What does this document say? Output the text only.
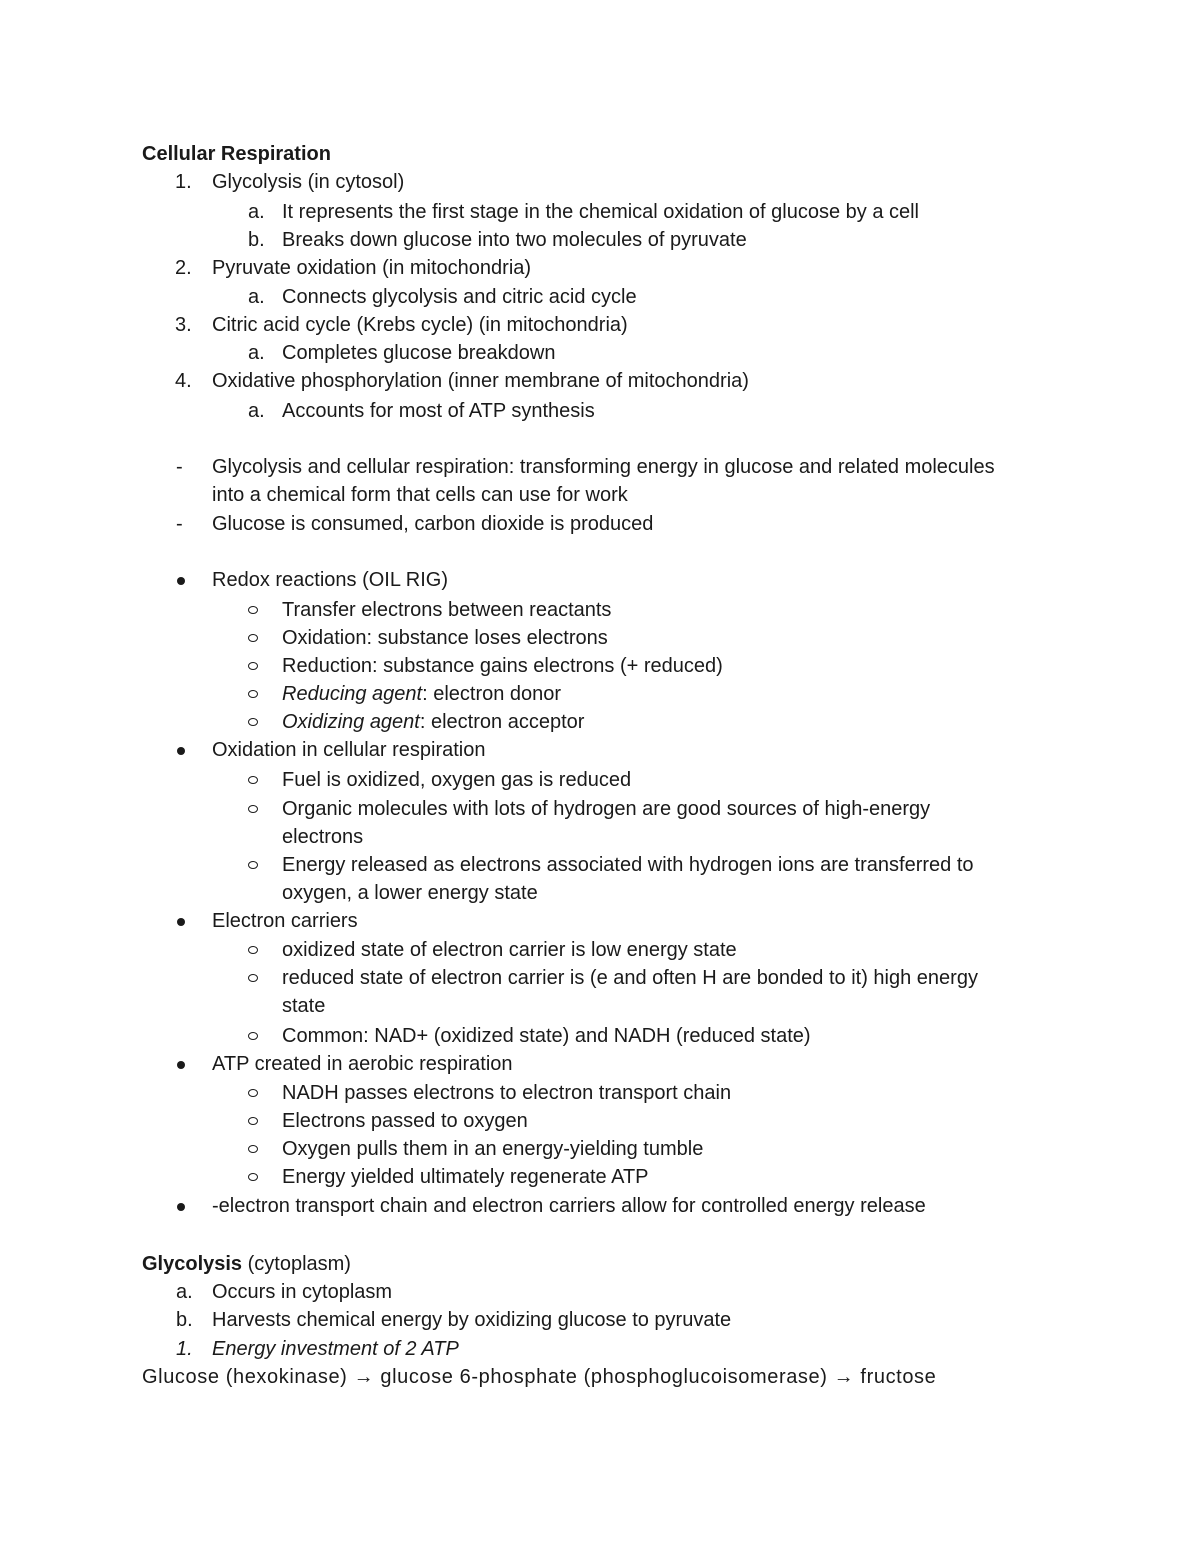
Cellular Respiration
1. Glycolysis (in cytosol)
a. It represents the first stage in the chemical oxidation of glucose by a cell
b. Breaks down glucose into two molecules of pyruvate
2. Pyruvate oxidation (in mitochondria)
a. Connects glycolysis and citric acid cycle
3. Citric acid cycle (Krebs cycle) (in mitochondria)
a. Completes glucose breakdown
4. Oxidative phosphorylation (inner membrane of mitochondria)
a. Accounts for most of ATP synthesis
- Glycolysis and cellular respiration: transforming energy in glucose and related molecules
into a chemical form that cells can use for work
- Glucose is consumed, carbon dioxide is produced
Redox reactions (OIL RIG)
Transfer electrons between reactants
Oxidation: substance loses electrons
Reduction: substance gains electrons (+ reduced)
Reducing agent: electron donor
Oxidizing agent: electron acceptor
Oxidation in cellular respiration
Fuel is oxidized, oxygen gas is reduced
Organic molecules with lots of hydrogen are good sources of high-energy
electrons
Energy released as electrons associated with hydrogen ions are transferred to
oxygen, a lower energy state
Electron carriers
oxidized state of electron carrier is low energy state
reduced state of electron carrier is (e and often H are bonded to it) high energy
state
Common: NAD+ (oxidized state) and NADH (reduced state)
ATP created in aerobic respiration
NADH passes electrons to electron transport chain
Electrons passed to oxygen
Oxygen pulls them in an energy-yielding tumble
Energy yielded ultimately regenerate ATP
-electron transport chain and electron carriers allow for controlled energy release
Glycolysis (cytoplasm)
a. Occurs in cytoplasm
b. Harvests chemical energy by oxidizing glucose to pyruvate
1. Energy investment of 2 ATP
Glucose (hexokinase) → glucose 6-phosphate (phosphoglucoisomerase) → fructose
